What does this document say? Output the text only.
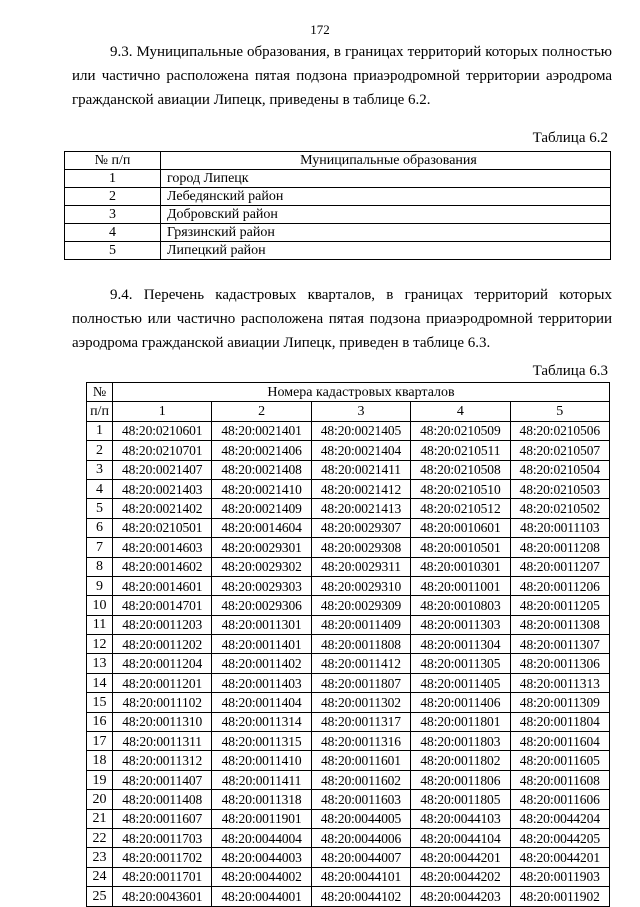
172
9.3. Муниципальные образования, в границах территорий которых полностью
или частично расположена пятая подзона приаэродромной территории аэродрома
гражданской авиации Липецк, приведены в таблице 6.2.
Таблица 6.2
№ п/п	Муниципальные образования
1	город Липецк
2	Лебедянский район
3	Добровский район
4	Грязинский район
5	Липецкий район
9.4. Перечень кадастровых кварталов, в границах территорий которых
полностью или частично расположена пятая подзона приаэродромной территории
аэродрома гражданской авиации Липецк, приведен в таблице 6.3.
Таблица 6.3
№	Номера кадастровых кварталов				
п/п	1	2	3	4	5
1	48:20:0210601	48:20:0021401	48:20:0021405	48:20:0210509	48:20:0210506
2	48:20:0210701	48:20:0021406	48:20:0021404	48:20:0210511	48:20:0210507
3	48:20:0021407	48:20:0021408	48:20:0021411	48:20:0210508	48:20:0210504
4	48:20:0021403	48:20:0021410	48:20:0021412	48:20:0210510	48:20:0210503
5	48:20:0021402	48:20:0021409	48:20:0021413	48:20:0210512	48:20:0210502
6	48:20:0210501	48:20:0014604	48:20:0029307	48:20:0010601	48:20:0011103
7	48:20:0014603	48:20:0029301	48:20:0029308	48:20:0010501	48:20:0011208
8	48:20:0014602	48:20:0029302	48:20:0029311	48:20:0010301	48:20:0011207
9	48:20:0014601	48:20:0029303	48:20:0029310	48:20:0011001	48:20:0011206
10	48:20:0014701	48:20:0029306	48:20:0029309	48:20:0010803	48:20:0011205
11	48:20:0011203	48:20:0011301	48:20:0011409	48:20:0011303	48:20:0011308
12	48:20:0011202	48:20:0011401	48:20:0011808	48:20:0011304	48:20:0011307
13	48:20:0011204	48:20:0011402	48:20:0011412	48:20:0011305	48:20:0011306
14	48:20:0011201	48:20:0011403	48:20:0011807	48:20:0011405	48:20:0011313
15	48:20:0011102	48:20:0011404	48:20:0011302	48:20:0011406	48:20:0011309
16	48:20:0011310	48:20:0011314	48:20:0011317	48:20:0011801	48:20:0011804
17	48:20:0011311	48:20:0011315	48:20:0011316	48:20:0011803	48:20:0011604
18	48:20:0011312	48:20:0011410	48:20:0011601	48:20:0011802	48:20:0011605
19	48:20:0011407	48:20:0011411	48:20:0011602	48:20:0011806	48:20:0011608
20	48:20:0011408	48:20:0011318	48:20:0011603	48:20:0011805	48:20:0011606
21	48:20:0011607	48:20:0011901	48:20:0044005	48:20:0044103	48:20:0044204
22	48:20:0011703	48:20:0044004	48:20:0044006	48:20:0044104	48:20:0044205
23	48:20:0011702	48:20:0044003	48:20:0044007	48:20:0044201	48:20:0044201
24	48:20:0011701	48:20:0044002	48:20:0044101	48:20:0044202	48:20:0011903
25	48:20:0043601	48:20:0044001	48:20:0044102	48:20:0044203	48:20:0011902
